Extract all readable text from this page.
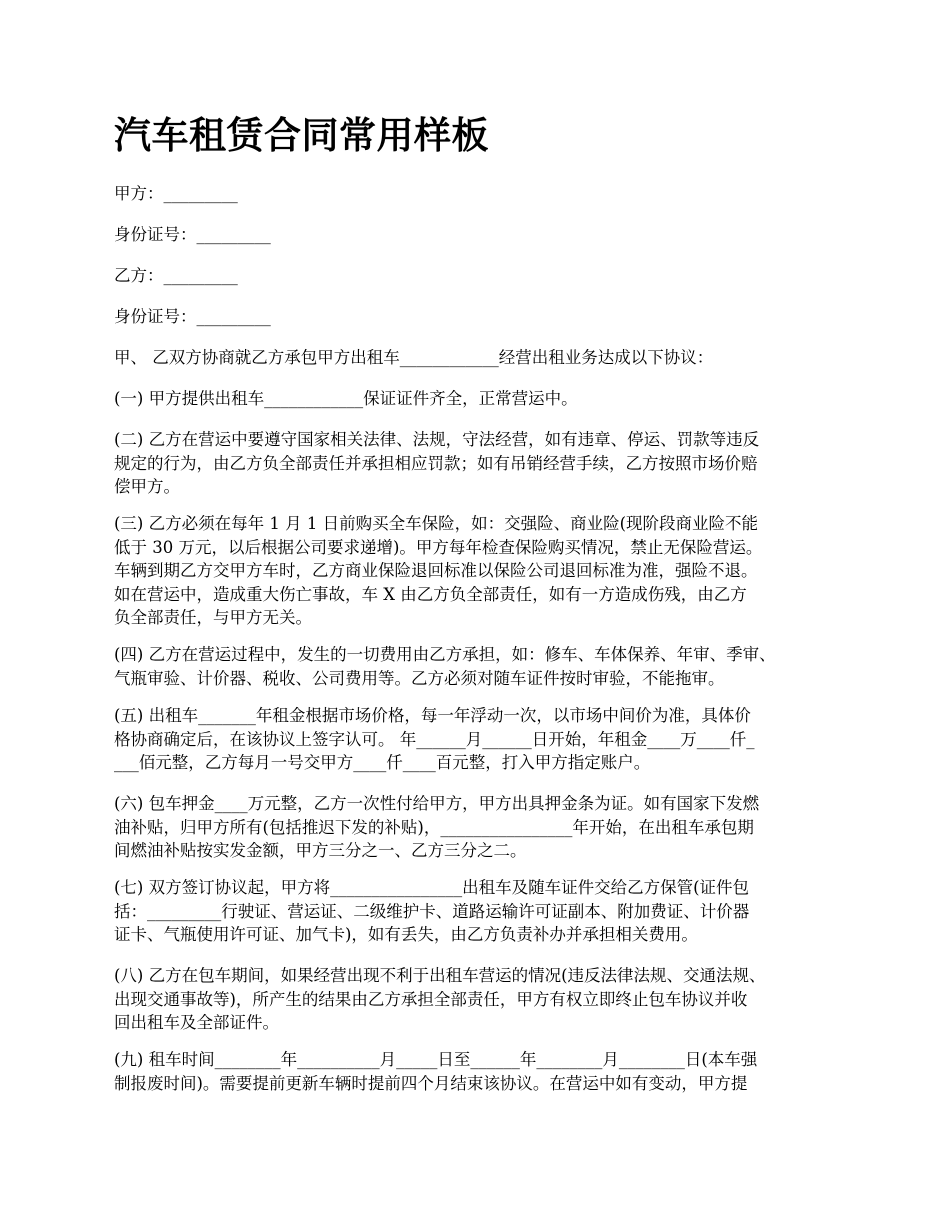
汽车租赁合同常用样板

甲方：_________

身份证号：_________

乙方：_________

身份证号：_________

甲、 乙双方协商就乙方承包甲方出租车____________经营出租业务达成以下协议：

(一) 甲方提供出租车____________保证证件齐全，正常营运中。

(二) 乙方在营运中要遵守国家相关法律、法规，守法经营，如有违章、停运、罚款等违反
规定的行为，由乙方负全部责任并承担相应罚款；如有吊销经营手续，乙方按照市场价赔
偿甲方。

(三) 乙方必须在每年 1 月 1 日前购买全车保险，如：交强险、商业险(现阶段商业险不能
低于 30 万元，以后根据公司要求递增)。甲方每年检查保险购买情况，禁止无保险营运。
车辆到期乙方交甲方车时，乙方商业保险退回标准以保险公司退回标准为准，强险不退。
如在营运中，造成重大伤亡事故，车 X 由乙方负全部责任，如有一方造成伤残，由乙方
负全部责任，与甲方无关。

(四) 乙方在营运过程中，发生的一切费用由乙方承担，如：修车、车体保养、年审、季审、
气瓶审验、计价器、税收、公司费用等。乙方必须对随车证件按时审验，不能拖审。

(五) 出租车_______年租金根据市场价格，每一年浮动一次，以市场中间价为准，具体价
格协商确定后，在该协议上签字认可。 年______月______日开始，年租金____万____仟_
___佰元整，乙方每月一号交甲方____仟____百元整，打入甲方指定账户。

(六) 包车押金____万元整，乙方一次性付给甲方，甲方出具押金条为证。如有国家下发燃
油补贴，归甲方所有(包括推迟下发的补贴)，________________年开始，在出租车承包期
间燃油补贴按实发金额，甲方三分之一、乙方三分之二。

(七) 双方签订协议起，甲方将________________出租车及随车证件交给乙方保管(证件包
括：_________行驶证、营运证、二级维护卡、道路运输许可证副本、附加费证、计价器
证卡、气瓶使用许可证、加气卡)，如有丢失，由乙方负责补办并承担相关费用。

(八) 乙方在包车期间，如果经营出现不利于出租车营运的情况(违反法律法规、交通法规、
出现交通事故等)，所产生的结果由乙方承担全部责任，甲方有权立即终止包车协议并收
回出租车及全部证件。

(九) 租车时间________年__________月_____日至______年________月________日(本车强
制报废时间)。需要提前更新车辆时提前四个月结束该协议。在营运中如有变动，甲方提
